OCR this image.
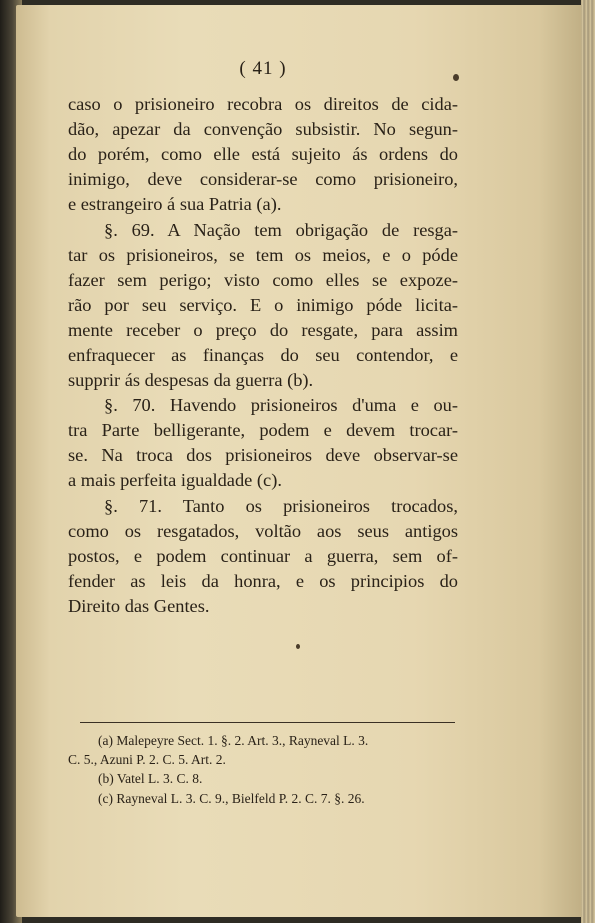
( 41 )
caso o prisioneiro recobra os direitos de cida-
dão, apezar da convenção subsistir. No segun-
do porém, como elle está sujeito ás ordens do
inimigo, deve considerar-se como prisioneiro,
e estrangeiro á sua Patria (a).
§. 69. A Nação tem obrigação de resga-
tar os prisioneiros, se tem os meios, e o póde
fazer sem perigo; visto como elles se expoze-
rão por seu serviço. E o inimigo póde licita-
mente receber o preço do resgate, para assim
enfraquecer as finanças do seu contendor, e
supprir ás despesas da guerra (b).
§. 70. Havendo prisioneiros d'uma e ou-
tra Parte belligerante, podem e devem trocar-
se. Na troca dos prisioneiros deve observar-se
a mais perfeita igualdade (c).
§. 71. Tanto os prisioneiros trocados,
como os resgatados, voltão aos seus antigos
postos, e podem continuar a guerra, sem of-
fender as leis da honra, e os principios do
Direito das Gentes.
(a) Malepeyre Sect. 1. §. 2. Art. 3., Rayneval L. 3.
C. 5., Azuni P. 2. C. 5. Art. 2.
(b) Vatel L. 3. C. 8.
(c) Rayneval L. 3. C. 9., Bielfeld P. 2. C. 7. §. 26.
